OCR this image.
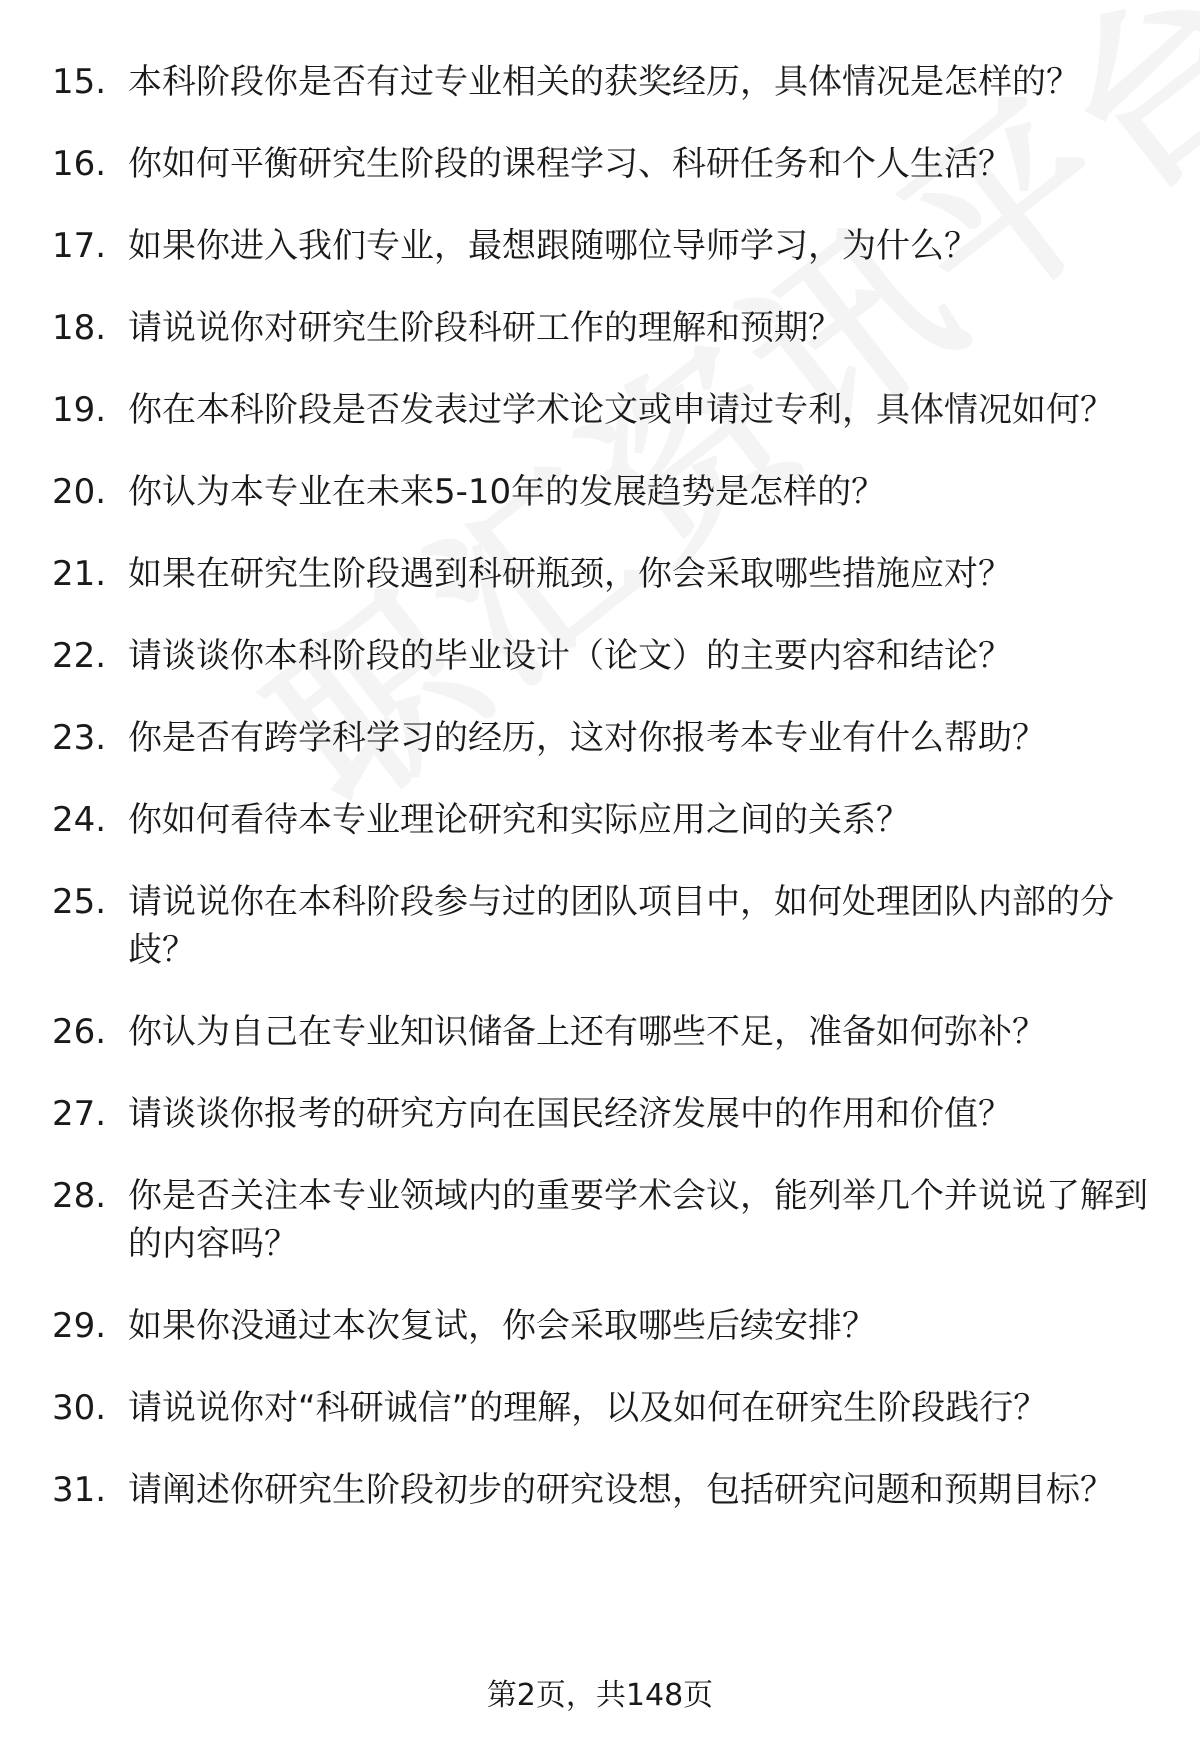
15. 本科阶段你是否有过专业相关的获奖经历，具体情况是怎样的？
16. 你如何平衡研究生阶段的课程学习、科研任务和个人生活？
17. 如果你进入我们专业，最想跟随哪位导师学习，为什么？
18. 请说说你对研究生阶段科研工作的理解和预期？
19. 你在本科阶段是否发表过学术论文或申请过专利，具体情况如何？
20. 你认为本专业在未来5-10年的发展趋势是怎样的？
21. 如果在研究生阶段遇到科研瓶颈，你会采取哪些措施应对？
22. 请谈谈你本科阶段的毕业设计（论文）的主要内容和结论？
23. 你是否有跨学科学习的经历，这对你报考本专业有什么帮助？
24. 你如何看待本专业理论研究和实际应用之间的关系？
25. 请说说你在本科阶段参与过的团队项目中，如何处理团队内部的分歧？
26. 你认为自己在专业知识储备上还有哪些不足，准备如何弥补？
27. 请谈谈你报考的研究方向在国民经济发展中的作用和价值？
28. 你是否关注本专业领域内的重要学术会议，能列举几个并说说了解到的内容吗？
29. 如果你没通过本次复试，你会采取哪些后续安排？
30. 请说说你对“科研诚信”的理解，以及如何在研究生阶段践行？
31. 请阐述你研究生阶段初步的研究设想，包括研究问题和预期目标？
第2页，共148页
